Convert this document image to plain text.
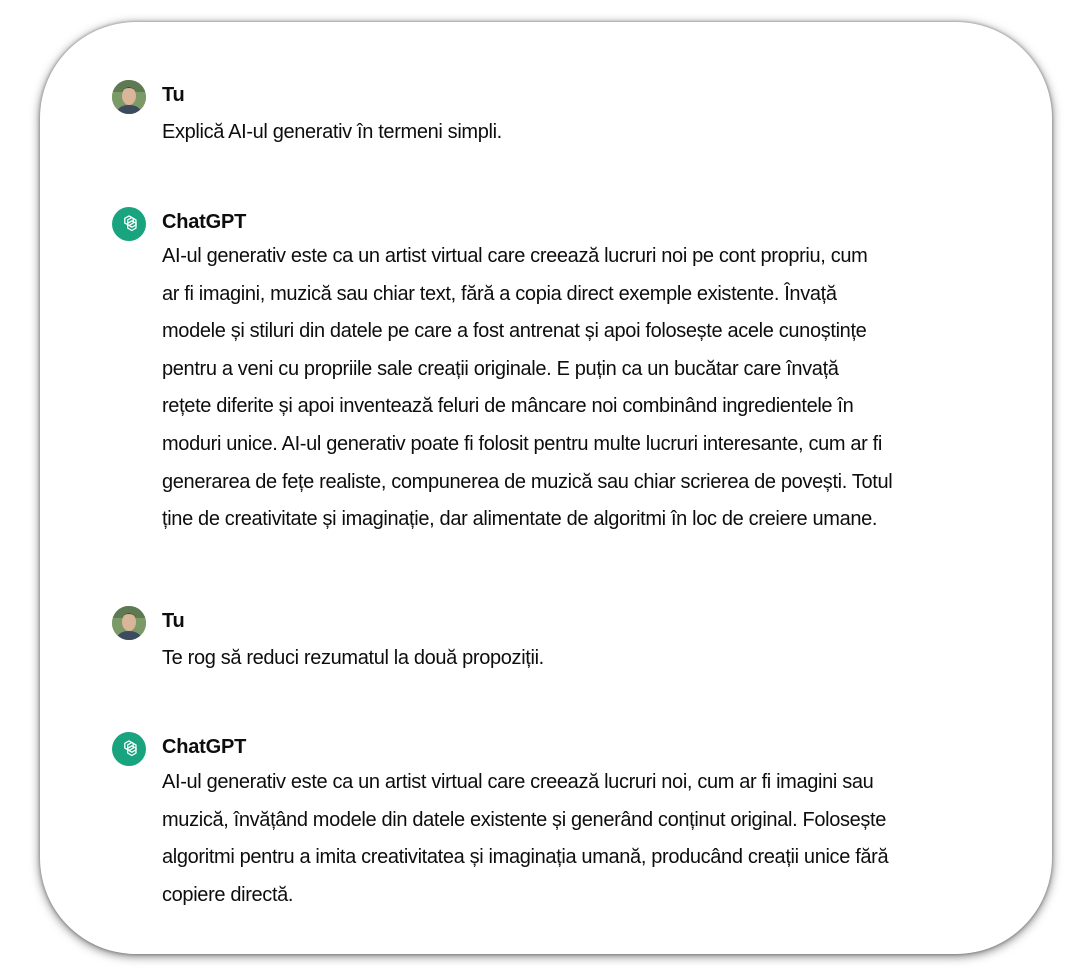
Tu
Explică AI-ul generativ în termeni simpli.
ChatGPT
AI-ul generativ este ca un artist virtual care creează lucruri noi pe cont propriu, cum
ar fi imagini, muzică sau chiar text, fără a copia direct exemple existente. Învață
modele și stiluri din datele pe care a fost antrenat și apoi folosește acele cunoștințe
pentru a veni cu propriile sale creații originale. E puțin ca un bucătar care învață
rețete diferite și apoi inventează feluri de mâncare noi combinând ingredientele în
moduri unice. AI-ul generativ poate fi folosit pentru multe lucruri interesante, cum ar fi
generarea de fețe realiste, compunerea de muzică sau chiar scrierea de povești. Totul
ține de creativitate și imaginație, dar alimentate de algoritmi în loc de creiere umane.
Tu
Te rog să reduci rezumatul la două propoziții.
ChatGPT
AI-ul generativ este ca un artist virtual care creează lucruri noi, cum ar fi imagini sau
muzică, învățând modele din datele existente și generând conținut original. Folosește
algoritmi pentru a imita creativitatea și imaginația umană, producând creații unice fără
copiere directă.
